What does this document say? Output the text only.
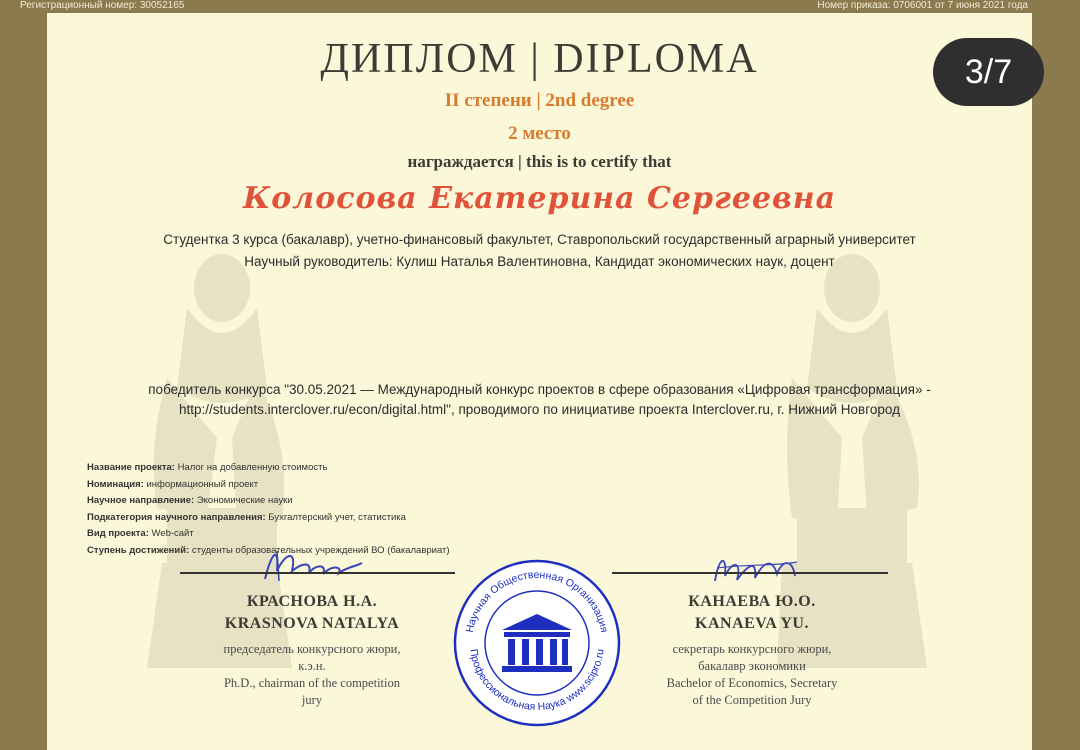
Регистрационный номер: 30052165	Номер приказа: 0706001 от 7 июня 2021 года
ДИПЛОМ | DIPLOMA
II степени | 2nd degree
2 место
награждается | this is to certify that
Колосова Екатерина Сергеевна
Студентка 3 курса (бакалавр), учетно-финансовый факультет, Ставропольский государственный аграрный университет
Научный руководитель: Кулиш Наталья Валентиновна, Кандидат экономических наук, доцент
победитель конкурса "30.05.2021 — Международный конкурс проектов в сфере образования «Цифровая трансформация» -
http://students.interclover.ru/econ/digital.html", проводимого по инициативе проекта Interclover.ru, г. Нижний Новгород
Название проекта: Налог на добавленную стоимость
Номинация: информационный проект
Научное направление: Экономические науки
Подкатегория научного направления: Бухгалтерский учет, статистика
Вид проекта: Web-сайт
Ступень достижений: студенты образовательных учреждений ВО (бакалавриат)
КРАСНОВА Н.А.
KRASNOVA NATALYA
председатель конкурсного жюри,
к.э.н.
Ph.D., chairman of the competition
jury
КАНАЕВА Ю.О.
KANAEVA YU.
секретарь конкурсного жюри,
бакалавр экономики
Bachelor of Economics, Secretary
of the Competition Jury
Научная Общественная Организация
Профессиональная Наука www.scipro.ru
3/7
